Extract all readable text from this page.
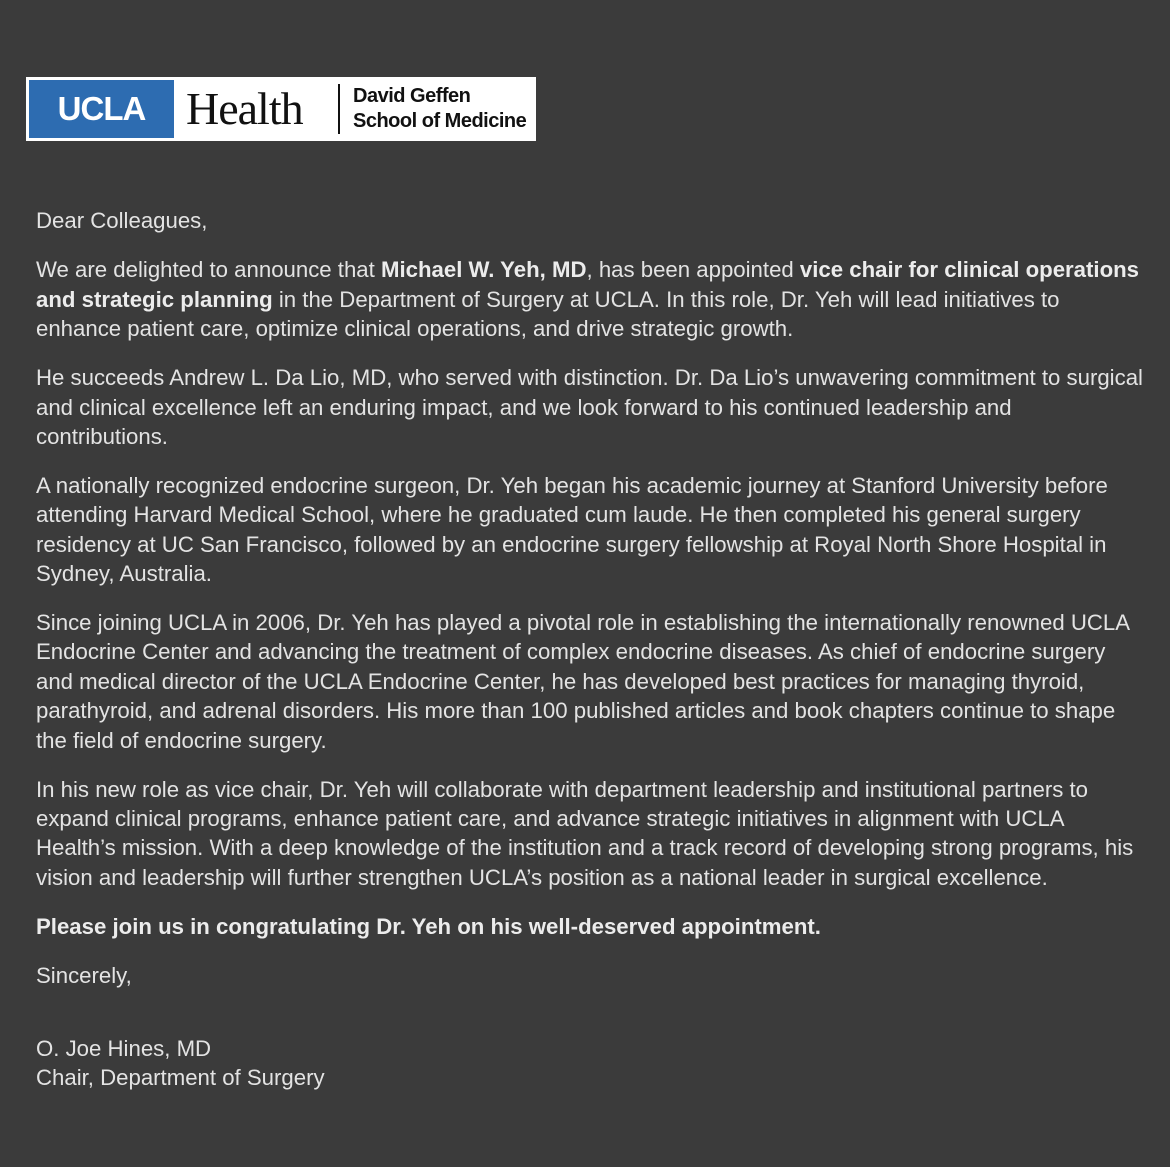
UCLA Health	David Geffen
School of Medicine

Dear Colleagues,

We are delighted to announce that Michael W. Yeh, MD, has been appointed vice chair for clinical operations and strategic planning in the Department of Surgery at UCLA. In this role, Dr. Yeh will lead initiatives to enhance patient care, optimize clinical operations, and drive strategic growth.

He succeeds Andrew L. Da Lio, MD, who served with distinction. Dr. Da Lio’s unwavering commitment to surgical and clinical excellence left an enduring impact, and we look forward to his continued leadership and contributions.

A nationally recognized endocrine surgeon, Dr. Yeh began his academic journey at Stanford University before attending Harvard Medical School, where he graduated cum laude. He then completed his general surgery residency at UC San Francisco, followed by an endocrine surgery fellowship at Royal North Shore Hospital in Sydney, Australia.

Since joining UCLA in 2006, Dr. Yeh has played a pivotal role in establishing the internationally renowned UCLA Endocrine Center and advancing the treatment of complex endocrine diseases. As chief of endocrine surgery and medical director of the UCLA Endocrine Center, he has developed best practices for managing thyroid, parathyroid, and adrenal disorders. His more than 100 published articles and book chapters continue to shape the field of endocrine surgery.

In his new role as vice chair, Dr. Yeh will collaborate with department leadership and institutional partners to expand clinical programs, enhance patient care, and advance strategic initiatives in alignment with UCLA Health’s mission. With a deep knowledge of the institution and a track record of developing strong programs, his vision and leadership will further strengthen UCLA’s position as a national leader in surgical excellence.

Please join us in congratulating Dr. Yeh on his well-deserved appointment.

Sincerely,

O. Joe Hines, MD
Chair, Department of Surgery
